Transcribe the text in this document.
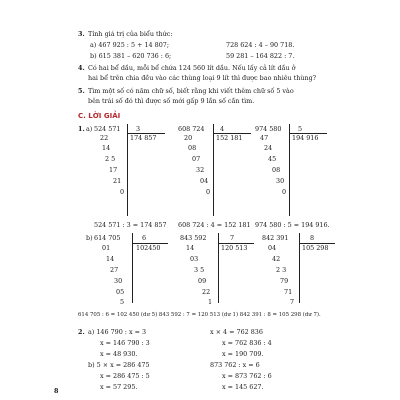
3. Tính giá trị của biểu thức:
a) 467 925 : 5 + 14 807;	728 624 : 4 – 90 718.
b) 615 381 – 620 736 : 6;	59 281 – 164 822 : 7.
4. Có hai bể dầu, mỗi bể chứa 124 560 lít dầu. Nếu lấy cả lít dầu ở
hai bể trên chia đều vào các thùng loại 9 lít thì được bao nhiêu thùng?
5. Tìm một số có năm chữ số, biết rằng khi viết thêm chữ số 5 vào
bên trái số đó thì được số mới gấp 9 lần số cần tìm.
C. LỜI GIẢI
1. a) 524 571 3
174 857
22
14
2 5
17
21
0
608 724 4
152 181
20
08
07
32
04
0
974 580	5
194 916
47
24
45
08
30
0
524 571 : 3 = 174 857 608 724 : 4 = 152 181 974 580 : 5 = 194 916.
b) 614 705	6
102450
01
14
27
30
05
5
843 592	7
120 513
14
03
3 5
09
22
1
842 391	8
105 298
04
42
2 3
79
71
7
614 705 : 6 = 102 450 (dư 5) 843 592 : 7 = 120 513 (dư 1) 842 391 : 8 = 105 298 (dư 7).
2. a) 146 790 : x = 3
x = 146 790 : 3
x = 48 930.
b) 5 × x = 286 475
x = 286 475 : 5
x = 57 295.
x × 4 = 762 836
x = 762 836 : 4
x = 190 709.
873 762 : x = 6
x = 873 762 : 6
x = 145 627.
8
